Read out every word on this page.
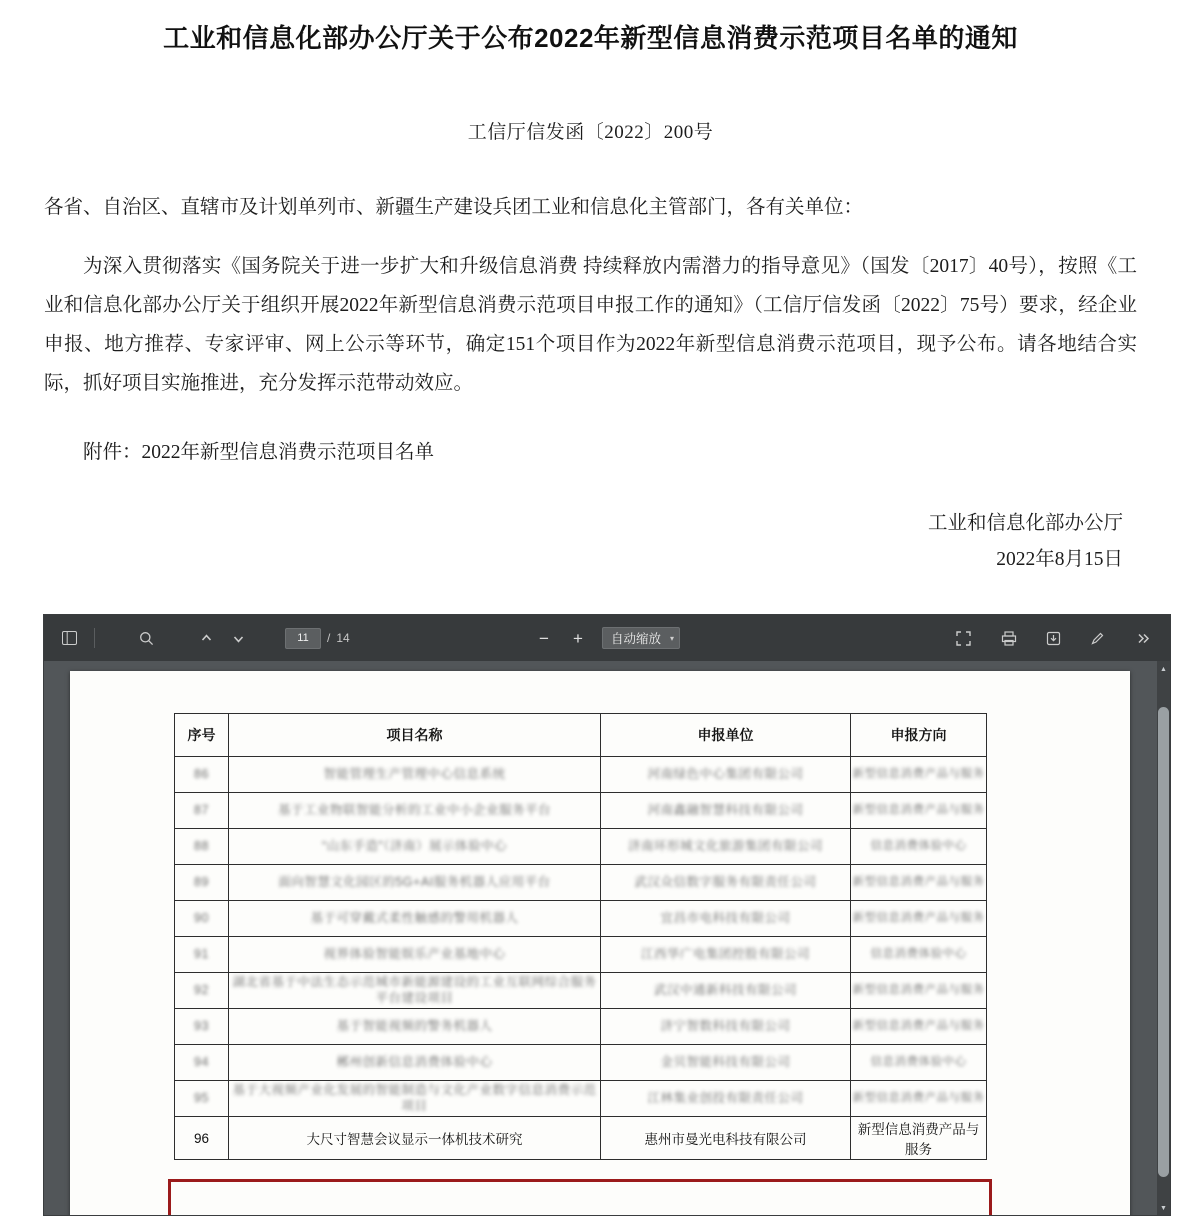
工业和信息化部办公厅关于公布2022年新型信息消费示范项目名单的通知
工信厅信发函〔2022〕200号
各省、自治区、直辖市及计划单列市、新疆生产建设兵团工业和信息化主管部门，各有关单位：
为深入贯彻落实《国务院关于进一步扩大和升级信息消费 持续释放内需潜力的指导意见》（国发〔2017〕40号），按照《工业和信息化部办公厅关于组织开展2022年新型信息消费示范项目申报工作的通知》（工信厅信发函〔2022〕75号）要求，经企业申报、地方推荐、专家评审、网上公示等环节，确定151个项目作为2022年新型信息消费示范项目，现予公布。请各地结合实际，抓好项目实施推进，充分发挥示范带动效应。
附件：2022年新型信息消费示范项目名单
工业和信息化部办公厅
2022年8月15日
11
/ 14	− +	自动缩放 ▾
序号	项目名称	申报单位	申报方向
86	智能管理生产管理中心信息系统	河南绿色中心集团有限公司	新型信息消费产品与服务
87	基于工业物联智能分析的工业中小企业服务平台	河南鑫融智慧科技有限公司	新型信息消费产品与服务
88	“山东手造”（济南）展示体验中心	济南环形城文化旅游集团有限公司	信息消费体验中心
89	面向智慧文化园区的5G+AI服务机器人应用平台	武汉众信数字服务有限责任公司	新型信息消费产品与服务
90	基于可穿戴式柔性触感的警用机器人	宜昌市电科技有限公司	新型信息消费产品与服务
91	视界体验智能娱乐产业基地中心	江西华广电集团控股有限公司	信息消费体验中心
92	湖北省基于中法生态示范城市新能源建设的工业互联网综合服务平台建设项目	武汉中通新科技有限公司	新型信息消费产品与服务
93	基于智能视频的警务机器人	济宁智数科技有限公司	新型信息消费产品与服务
94	郴州创新信息消费体验中心	金贝智能科技有限公司	信息消费体验中心
95	基于大视频产业化发展的智能制造与文化产业数字信息消费示范项目	江林集业创投有限责任公司	新型信息消费产品与服务
96	大尺寸智慧会议显示一体机技术研究	惠州市曼光电科技有限公司	新型信息消费产品与服务
▲
▼
